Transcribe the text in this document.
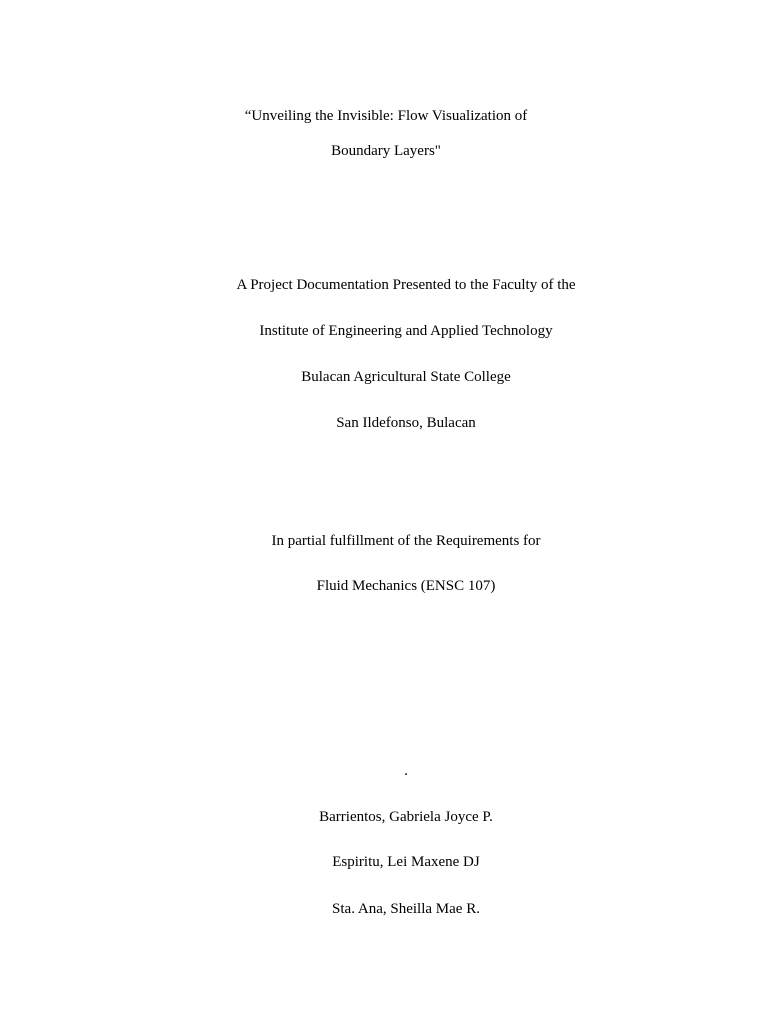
“Unveiling the Invisible: Flow Visualization of
Boundary Layers"
A Project Documentation Presented to the Faculty of the
Institute of Engineering and Applied Technology
Bulacan Agricultural State College
San Ildefonso, Bulacan
In partial fulfillment of the Requirements for
Fluid Mechanics (ENSC 107)
.
Barrientos, Gabriela Joyce P.
Espiritu, Lei Maxene DJ
Sta. Ana, Sheilla Mae R.
